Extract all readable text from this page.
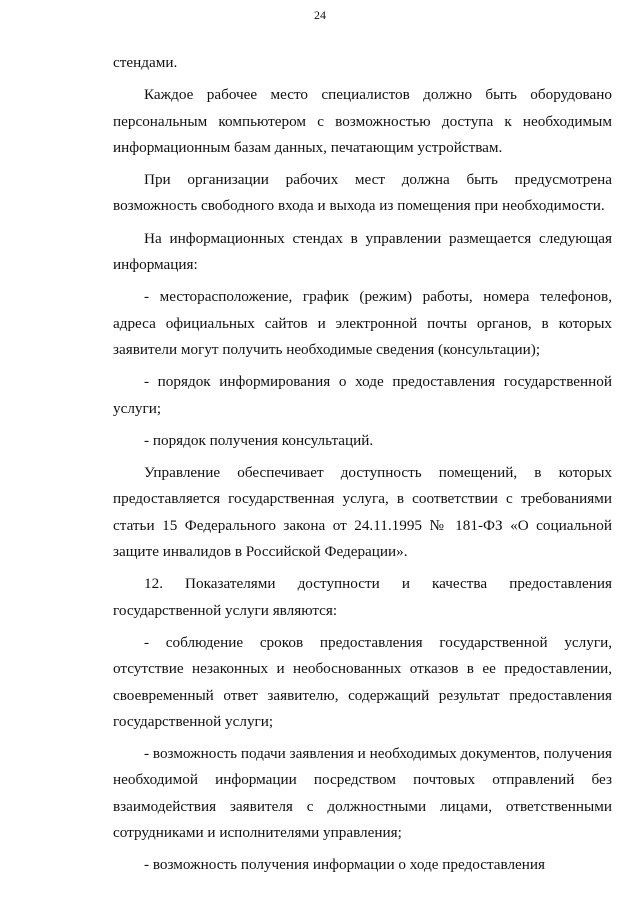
24

стендами.

Каждое рабочее место специалистов должно быть оборудовано персональным компьютером с возможностью доступа к необходимым информационным базам данных, печатающим устройствам.

При организации рабочих мест должна быть предусмотрена возможность свободного входа и выхода из помещения при необходимости.

На информационных стендах в управлении размещается следующая информация:

- месторасположение, график (режим) работы, номера телефонов, адреса официальных сайтов и электронной почты органов, в которых заявители могут получить необходимые сведения (консультации);

- порядок информирования о ходе предоставления государственной услуги;

- порядок получения консультаций.

Управление обеспечивает доступность помещений, в которых предоставляется государственная услуга, в соответствии с требованиями статьи 15 Федерального закона от 24.11.1995 № 181-ФЗ «О социальной защите инвалидов в Российской Федерации».

12. Показателями доступности и качества предоставления государственной услуги являются:

- соблюдение сроков предоставления государственной услуги, отсутствие незаконных и необоснованных отказов в ее предоставлении, своевременный ответ заявителю, содержащий результат предоставления государственной услуги;

- возможность подачи заявления и необходимых документов, получения необходимой информации посредством почтовых отправлений без взаимодействия заявителя с должностными лицами, ответственными сотрудниками и исполнителями управления;

- возможность получения информации о ходе предоставления
